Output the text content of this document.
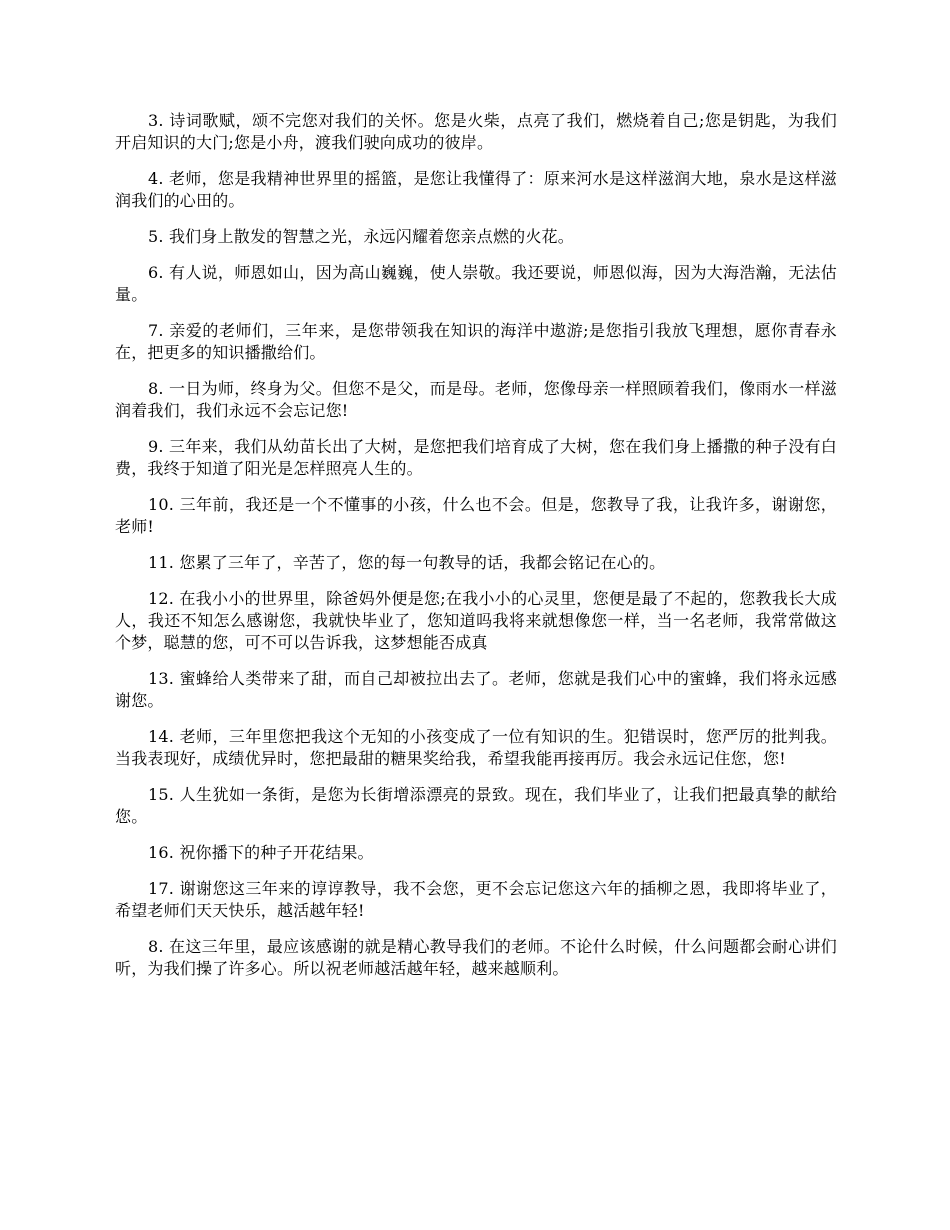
3. 诗词歌赋，颂不完您对我们的关怀。您是火柴，点亮了我们，燃烧着自己;您是钥匙，为我们开启知识的大门;您是小舟，渡我们驶向成功的彼岸。

4. 老师，您是我精神世界里的摇篮，是您让我懂得了：原来河水是这样滋润大地，泉水是这样滋润我们的心田的。

5. 我们身上散发的智慧之光，永远闪耀着您亲点燃的火花。

6. 有人说，师恩如山，因为高山巍巍，使人崇敬。我还要说，师恩似海，因为大海浩瀚，无法估量。

7. 亲爱的老师们，三年来，是您带领我在知识的海洋中遨游;是您指引我放飞理想，愿你青春永在，把更多的知识播撒给们。

8. 一日为师，终身为父。但您不是父，而是母。老师，您像母亲一样照顾着我们，像雨水一样滋润着我们，我们永远不会忘记您!

9. 三年来，我们从幼苗长出了大树，是您把我们培育成了大树，您在我们身上播撒的种子没有白费，我终于知道了阳光是怎样照亮人生的。

10. 三年前，我还是一个不懂事的小孩，什么也不会。但是，您教导了我，让我许多，谢谢您，老师!

11. 您累了三年了，辛苦了，您的每一句教导的话，我都会铭记在心的。

12. 在我小小的世界里，除爸妈外便是您;在我小小的心灵里，您便是最了不起的，您教我长大成人，我还不知怎么感谢您，我就快毕业了，您知道吗我将来就想像您一样，当一名老师，我常常做这个梦，聪慧的您，可不可以告诉我，这梦想能否成真

13. 蜜蜂给人类带来了甜，而自己却被拉出去了。老师，您就是我们心中的蜜蜂，我们将永远感谢您。

14. 老师，三年里您把我这个无知的小孩变成了一位有知识的生。犯错误时，您严厉的批判我。当我表现好，成绩优异时，您把最甜的糖果奖给我，希望我能再接再厉。我会永远记住您，您!

15. 人生犹如一条街，是您为长街增添漂亮的景致。现在，我们毕业了，让我们把最真挚的献给您。

16. 祝你播下的种子开花结果。

17. 谢谢您这三年来的谆谆教导，我不会您，更不会忘记您这六年的插柳之恩，我即将毕业了，希望老师们天天快乐，越活越年轻!

8. 在这三年里，最应该感谢的就是精心教导我们的老师。不论什么时候，什么问题都会耐心讲们听，为我们操了许多心。所以祝老师越活越年轻，越来越顺利。
